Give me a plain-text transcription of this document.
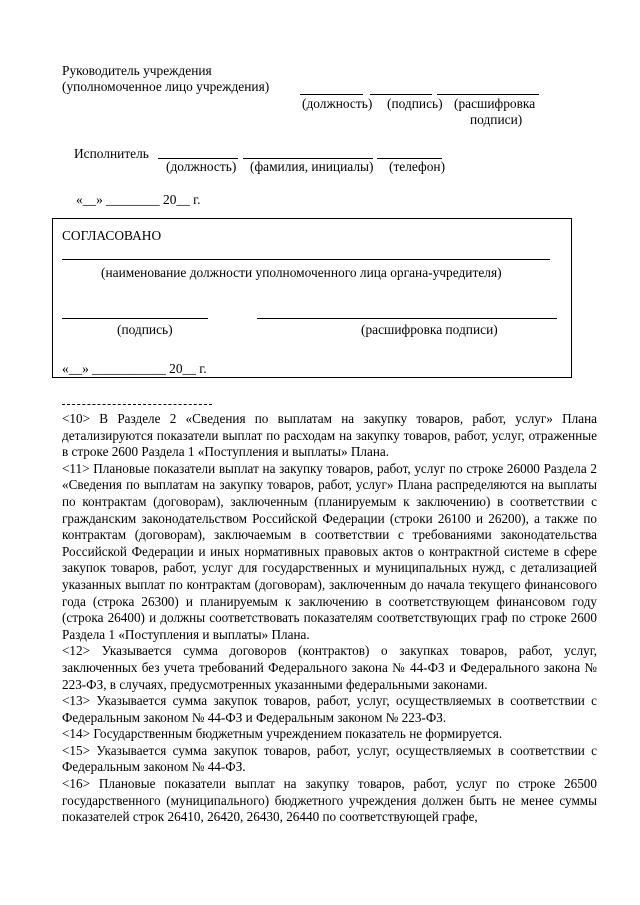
Руководитель учреждения
(уполномоченное лицо учреждения)
(должность) (подпись) (расшифровка
подписи)
Исполнитель
(должность) (фамилия, инициалы) (телефон)
«__» ________ 20__ г.
СОГЛАСОВАНО
(наименование должности уполномоченного лица органа-учредителя)
(подпись)	(расшифровка подписи)
«__» ___________ 20__ г.

<10> В Разделе 2 «Сведения по выплатам на закупку товаров, работ, услуг» Плана детализируются показатели выплат по расходам на закупку товаров, работ, услуг, отраженные в строке 2600 Раздела 1 «Поступления и выплаты» Плана.

<11> Плановые показатели выплат на закупку товаров, работ, услуг по строке 26000 Раздела 2 «Сведения по выплатам на закупку товаров, работ, услуг» Плана распределяются на выплаты по контрактам (договорам), заключенным (планируемым к заключению) в соответствии с гражданским законодательством Российской Федерации (строки 26100 и 26200), а также по контрактам (договорам), заключаемым в соответствии с требованиями законодательства Российской Федерации и иных нормативных правовых актов о контрактной системе в сфере закупок товаров, работ, услуг для государственных и муниципальных нужд, с детализацией указанных выплат по контрактам (договорам), заключенным до начала текущего финансового года (строка 26300) и планируемым к заключению в соответствующем финансовом году (строка 26400) и должны соответствовать показателям соответствующих граф по строке 2600 Раздела 1 «Поступления и выплаты» Плана.

<12> Указывается сумма договоров (контрактов) о закупках товаров, работ, услуг, заключенных без учета требований Федерального закона № 44-ФЗ и Федерального закона № 223-ФЗ, в случаях, предусмотренных указанными федеральными законами.

<13> Указывается сумма закупок товаров, работ, услуг, осуществляемых в соответствии с Федеральным законом № 44-ФЗ и Федеральным законом № 223-ФЗ.

<14> Государственным бюджетным учреждением показатель не формируется.

<15> Указывается сумма закупок товаров, работ, услуг, осуществляемых в соответствии с Федеральным законом № 44-ФЗ.

<16> Плановые показатели выплат на закупку товаров, работ, услуг по строке 26500 государственного (муниципального) бюджетного учреждения должен быть не менее суммы показателей строк 26410, 26420, 26430, 26440 по соответствующей графе,
